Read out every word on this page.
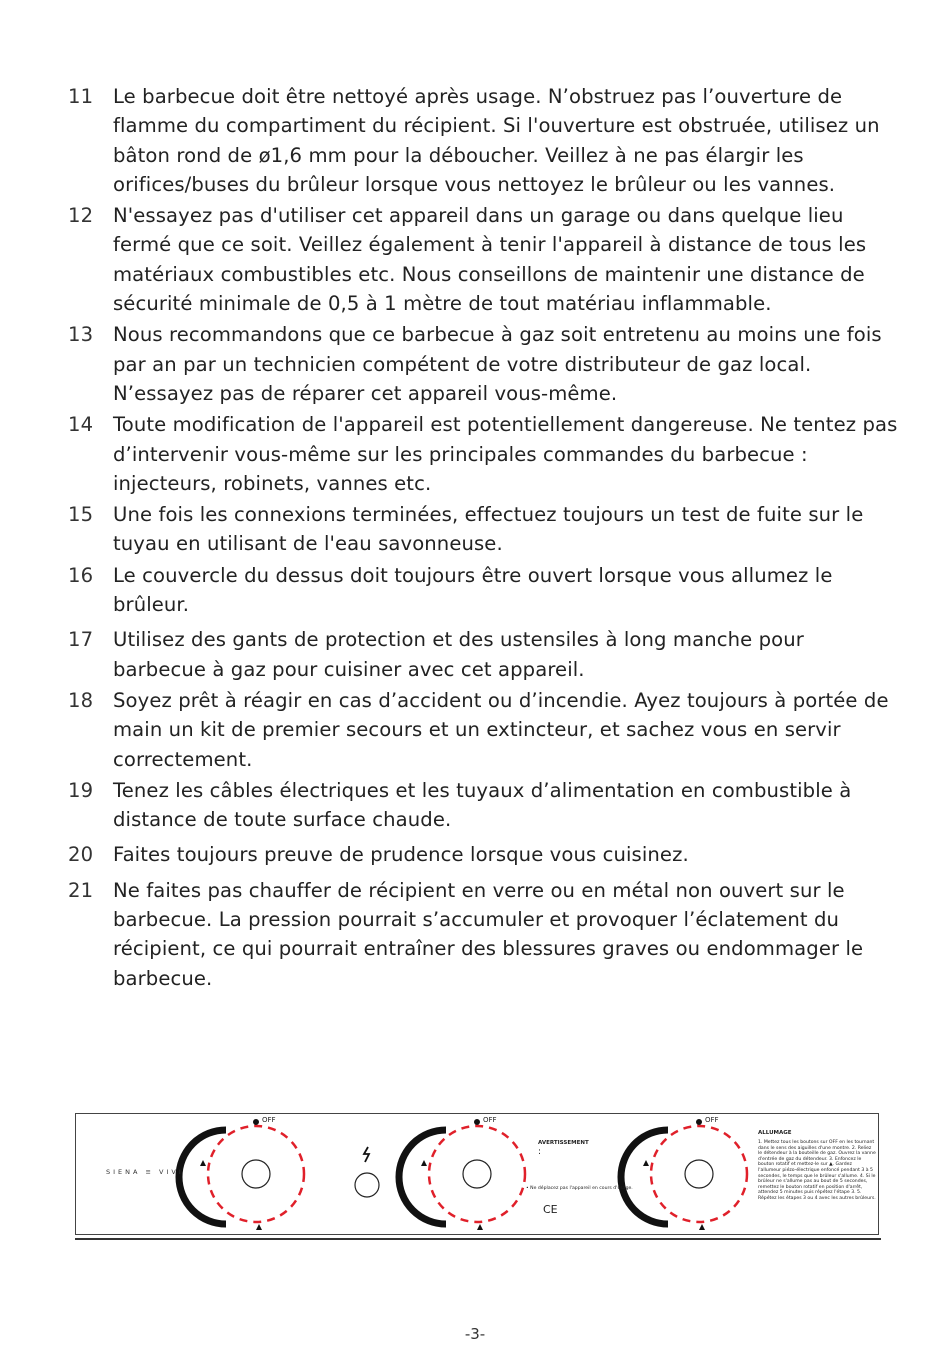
11	Le barbecue doit être nettoyé après usage. N’obstruez pas l’ouverture de flamme du compartiment du récipient. Si l'ouverture est obstruée, utilisez un bâton rond de ø1,6 mm pour la déboucher. Veillez à ne pas élargir les orifices/buses du brûleur lorsque vous nettoyez le brûleur ou les vannes.
12	N'essayez pas d'utiliser cet appareil dans un garage ou dans quelque lieu fermé que ce soit. Veillez également à tenir l'appareil à distance de tous les matériaux combustibles etc. Nous conseillons de maintenir une distance de sécurité minimale de 0,5 à 1 mètre de tout matériau inflammable.
13	Nous recommandons que ce barbecue à gaz soit entretenu au moins une fois par an par un technicien compétent de votre distributeur de gaz local. N’essayez pas de réparer cet appareil vous-même.
14	Toute modification de l'appareil est potentiellement dangereuse. Ne tentez pas d’intervenir vous-même sur les principales commandes du barbecue : injecteurs, robinets, vannes etc.
15	Une fois les connexions terminées, effectuez toujours un test de fuite sur le tuyau en utilisant de l'eau savonneuse.
16	Le couvercle du dessus doit toujours être ouvert lorsque vous allumez le brûleur.
17	Utilisez des gants de protection et des ustensiles à long manche pour barbecue à gaz pour cuisiner avec cet appareil.
18	Soyez prêt à réagir en cas d’accident ou d’incendie. Ayez toujours à portée de main un kit de premier secours et un extincteur, et sachez vous en servir correctement.
19	Tenez les câbles électriques et les tuyaux d’alimentation en combustible à distance de toute surface chaude.
20	Faites toujours preuve de prudence lorsque vous cuisinez.
21	Ne faites pas chauffer de récipient en verre ou en métal non ouvert sur le barbecue. La pression pourrait s’accumuler et provoquer l’éclatement du récipient, ce qui pourrait entraîner des blessures graves ou endommager le barbecue.
SIENA ≡ VIVI
OFF	OFF	OFF
AVERTISSEMENT
:
• Ne déplacez pas l'appareil en cours d'usage.
CE
ALLUMAGE
1. Mettez tous les boutons sur OFF en les tournant dans le sens des aiguilles d'une montre. 2. Reliez le détendeur à la bouteille de gaz. Ouvrez la vanne d'entrée de gaz du détendeur. 3. Enfoncez le bouton rotatif et mettez-le sur ▲. Gardez l'allumeur piézo-électrique enfoncé pendant 3 à 5 secondes, le temps que le brûleur s'allume. 4. Si le brûleur ne s'allume pas au bout de 5 secondes, remettez le bouton rotatif en position d'arrêt, attendez 5 minutes puis répétez l'étape 3. 5. Répétez les étapes 3 ou 4 avec les autres brûleurs.
-3-
